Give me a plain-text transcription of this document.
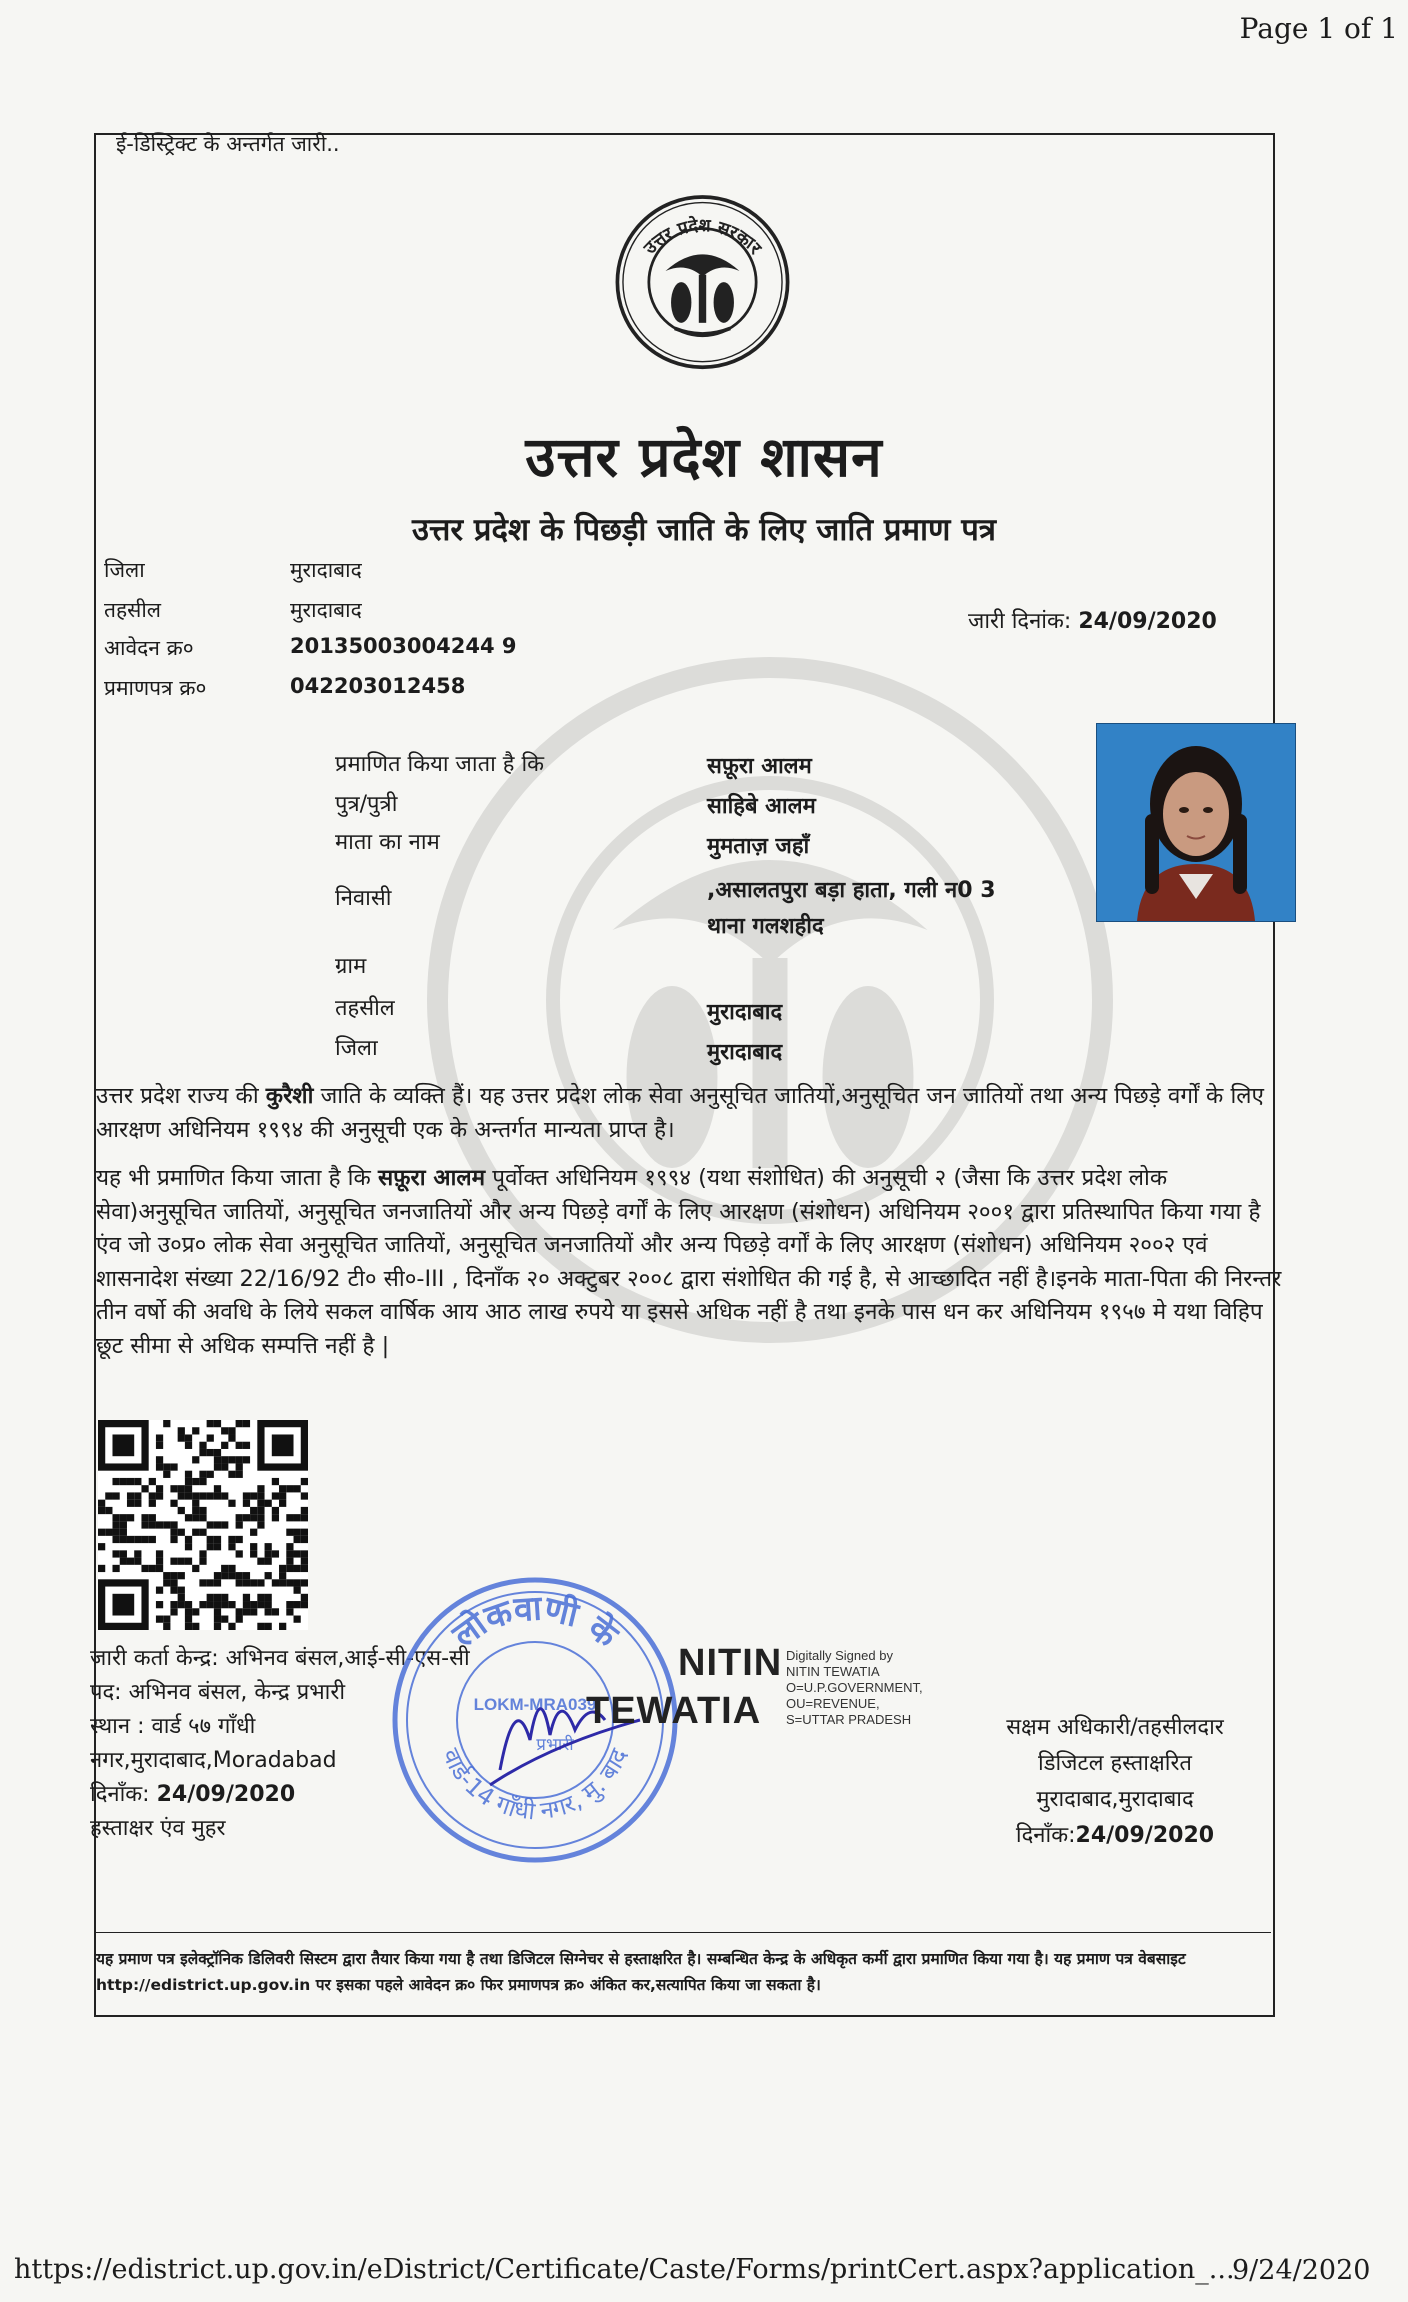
Page 1 of 1
ई-डिस्ट्रिक्ट के अन्तर्गत जारी..
उत्तर प्रदेश सरकार
उत्तर प्रदेश शासन
उत्तर प्रदेश के पिछड़ी जाति के लिए जाति प्रमाण पत्र
जिला	मुरादाबाद
तहसील	मुरादाबाद
आवेदन क्र०	20135003004244 9
प्रमाणपत्र क्र०	042203012458
जारी दिनांक: 24/09/2020
प्रमाणित किया जाता है कि	सफ़ूरा आलम
पुत्र/पुत्री	साहिबे आलम
माता का नाम	मुमताज़ जहाँ
निवासी	,असालतपुरा बड़ा हाता, गली न0 3
थाना गलशहीद
ग्राम
तहसील	मुरादाबाद
जिला	मुरादाबाद
उत्तर प्रदेश राज्य की कुरैशी जाति के व्यक्ति हैं। यह उत्तर प्रदेश लोक सेवा अनुसूचित जातियों,अनुसूचित जन जातियों तथा अन्य पिछड़े वर्गों के लिए आरक्षण अधिनियम १९९४ की अनुसूची एक के अन्तर्गत मान्यता प्राप्त है।
यह भी प्रमाणित किया जाता है कि सफ़ूरा आलम पूर्वोक्त अधिनियम १९९४ (यथा संशोधित) की अनुसूची २ (जैसा कि उत्तर प्रदेश लोक सेवा)अनुसूचित जातियों, अनुसूचित जनजातियों और अन्य पिछड़े वर्गों के लिए आरक्षण (संशोधन) अधिनियम २००१ द्वारा प्रतिस्थापित किया गया है एंव जो उ०प्र० लोक सेवा अनुसूचित जातियों, अनुसूचित जनजातियों और अन्य पिछड़े वर्गों के लिए आरक्षण (संशोधन) अधिनियम २००२ एवं शासनादेश संख्या 22/16/92 टी० सी०-III , दिनाँक २० अक्टुबर २००८ द्वारा संशोधित की गई है, से आच्छादित नहीं है।इनके माता-पिता की निरन्तर तीन वर्षो की अवधि के लिये सकल वार्षिक आय आठ लाख रुपये या इससे अधिक नहीं है तथा इनके पास धन कर अधिनियम १९५७ मे यथा विहिप छूट सीमा से अधिक सम्पत्ति नहीं है |
जारी कर्ता केन्द्र: अभिनव बंसल,आई-सी-एस-सी
पद: अभिनव बंसल, केन्द्र प्रभारी
स्थान : वार्ड ५७ गाँधी
नगर,मुरादाबाद,Moradabad
दिनाँक: 24/09/2020
हस्ताक्षर एंव मुहर
लोकवाणी के
वार्ड-14 गाँधी नगर, मु. बाद
LOKM-MRA039
प्रभारी
NITIN
TEWATIA
Digitally Signed by
NITIN TEWATIA
O=U.P.GOVERNMENT,
OU=REVENUE,
S=UTTAR PRADESH	सक्षम अधिकारी/तहसीलदार
डिजिटल हस्ताक्षरित
मुरादाबाद,मुरादाबाद
दिनाँक:24/09/2020
यह प्रमाण पत्र इलेक्ट्रॉनिक डिलिवरी सिस्टम द्वारा तैयार किया गया है तथा डिजिटल सिग्नेचर से हस्ताक्षरित है। सम्बन्धित केन्द्र के अधिकृत कर्मी द्वारा प्रमाणित किया गया है। यह प्रमाण पत्र वेबसाइट http://edistrict.up.gov.in पर इसका पहले आवेदन क्र० फिर प्रमाणपत्र क्र० अंकित कर,सत्यापित किया जा सकता है।
https://edistrict.up.gov.in/eDistrict/Certificate/Caste/Forms/printCert.aspx?application_...
9/24/2020
